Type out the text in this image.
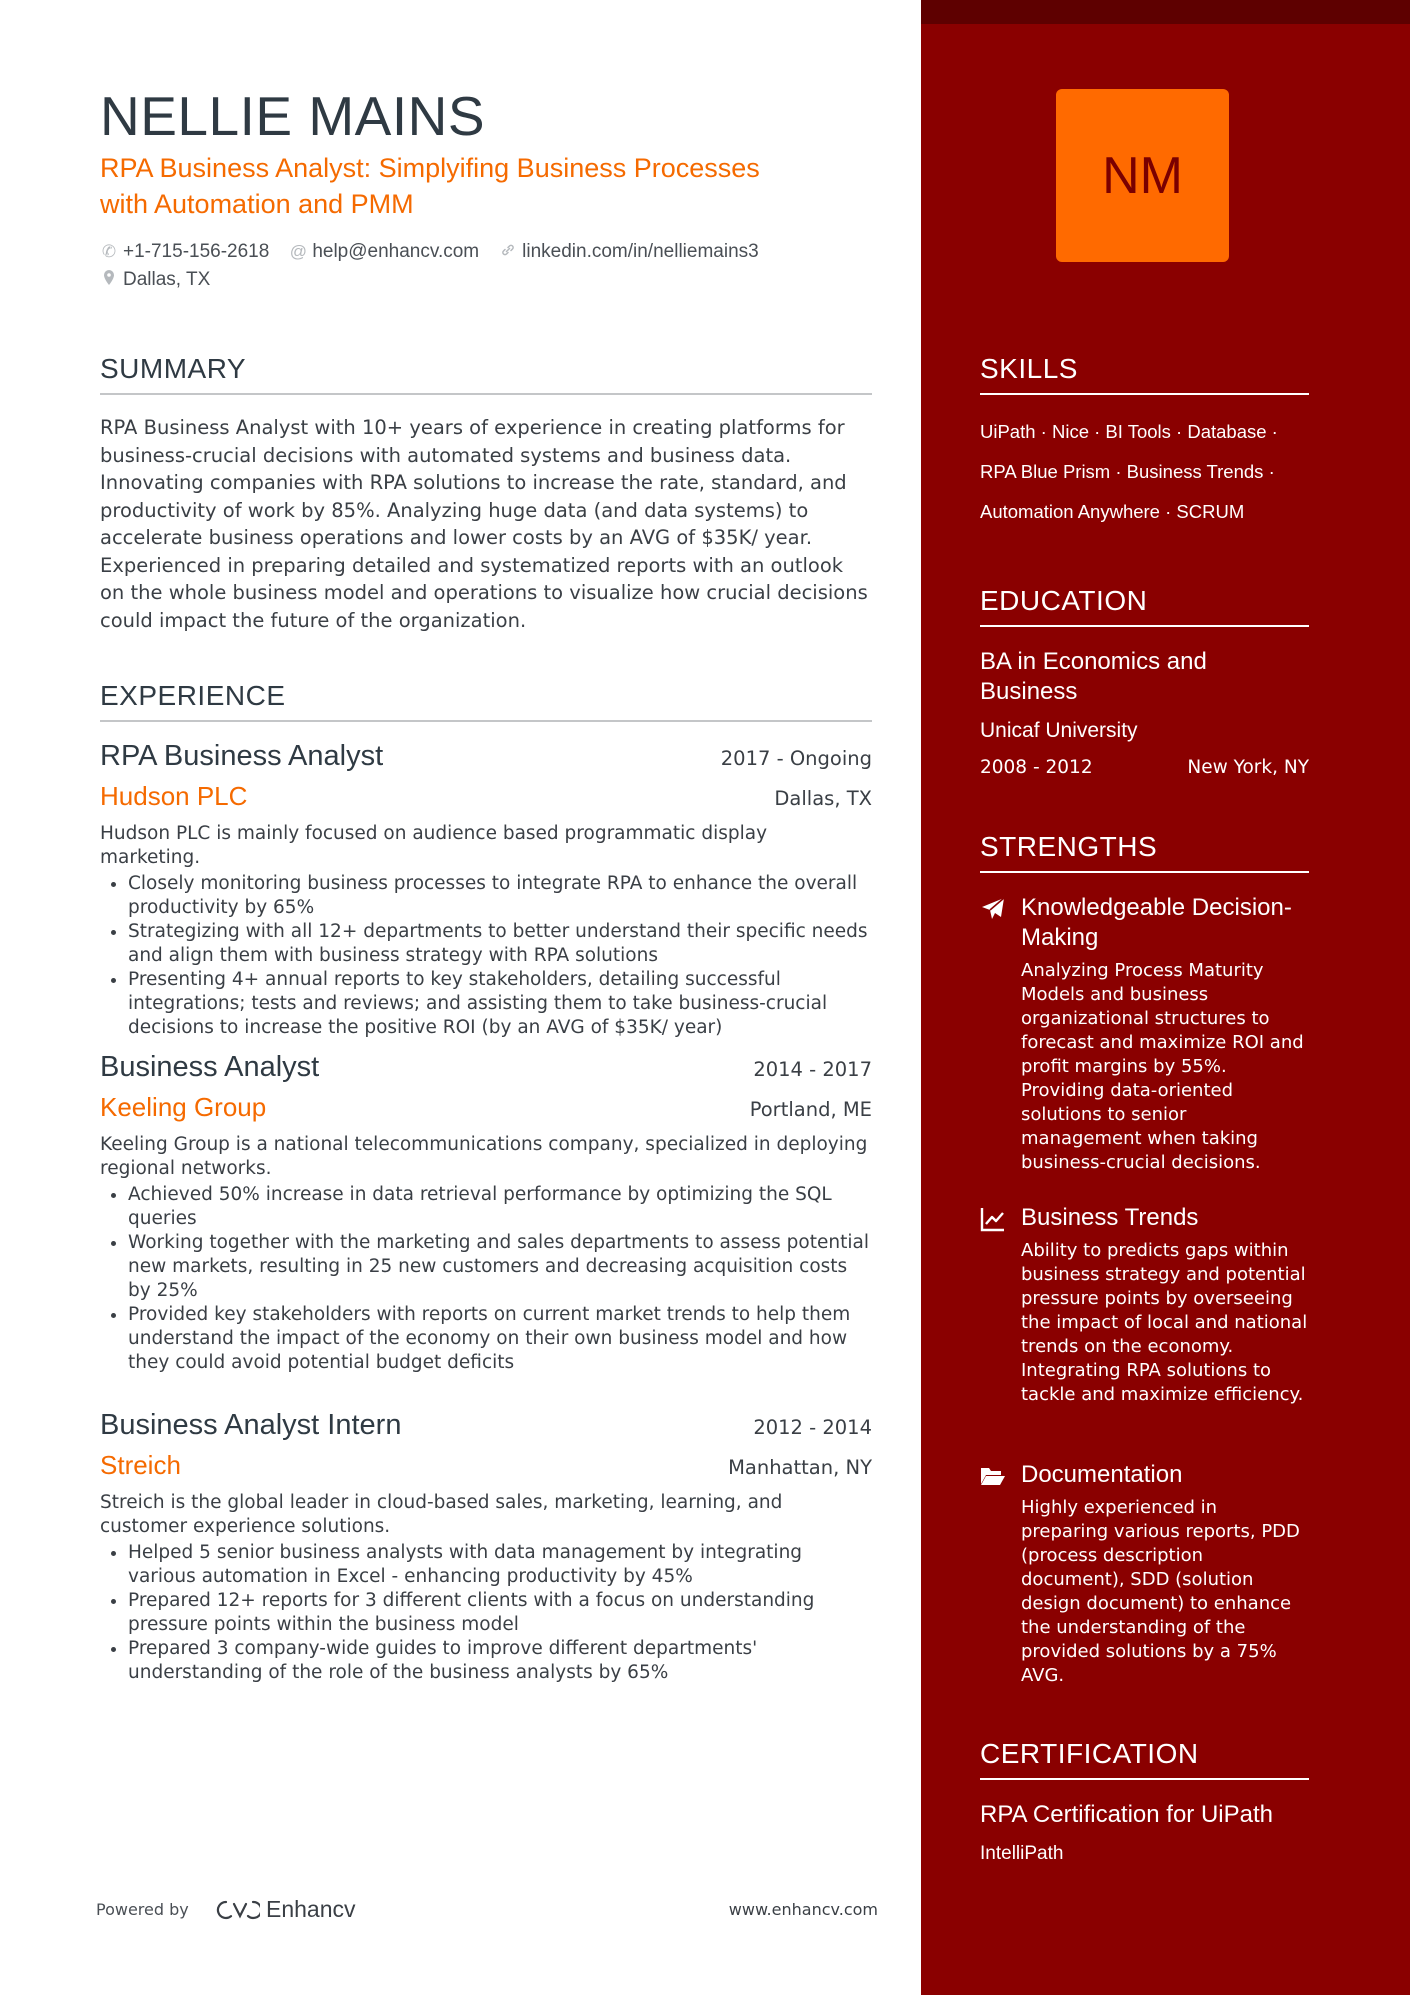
NELLIE MAINS
RPA Business Analyst: Simplyifing Business Processes with Automation and PMM
✆ +1-715-156-2618 @ help@enhancv.com linkedin.com/in/nelliemains3
Dallas, TX
SUMMARY

RPA Business Analyst with 10+ years of experience in creating platforms for business-crucial decisions with automated systems and business data. Innovating companies with RPA solutions to increase the rate, standard, and productivity of work by 85%. Analyzing huge data (and data systems) to accelerate business operations and lower costs by an AVG of $35K/ year. Experienced in preparing detailed and systematized reports with an outlook on the whole business model and operations to visualize how crucial decisions could impact the future of the organization.

EXPERIENCE
RPA Business Analyst	2017 - Ongoing
Hudson PLC	Dallas, TX

Hudson PLC is mainly focused on audience based programmatic display marketing.

• Closely monitoring business processes to integrate RPA to enhance the overall productivity by 65%
• Strategizing with all 12+ departments to better understand their specific needs and align them with business strategy with RPA solutions
• Presenting 4+ annual reports to key stakeholders, detailing successful integrations; tests and reviews; and assisting them to take business-crucial decisions to increase the positive ROI (by an AVG of $35K/ year)
Business Analyst	2014 - 2017
Keeling Group	Portland, ME

Keeling Group is a national telecommunications company, specialized in deploying regional networks.

• Achieved 50% increase in data retrieval performance by optimizing the SQL queries
• Working together with the marketing and sales departments to assess potential new markets, resulting in 25 new customers and decreasing acquisition costs by 25%
• Provided key stakeholders with reports on current market trends to help them understand the impact of the economy on their own business model and how they could avoid potential budget deficits
Business Analyst Intern	2012 - 2014
Streich	Manhattan, NY

Streich is the global leader in cloud-based sales, marketing, learning, and customer experience solutions.

• Helped 5 senior business analysts with data management by integrating various automation in Excel - enhancing productivity by 45%
• Prepared 12+ reports for 3 different clients with a focus on understanding pressure points within the business model
• Prepared 3 company-wide guides to improve different departments' understanding of the role of the business analysts by 65%
Powered by	Enhancv	www.enhancv.com
NM
SKILLS
UiPath · Nice · BI Tools · Database ·
RPA Blue Prism · Business Trends ·
Automation Anywhere · SCRUM
EDUCATION
BA in Economics and Business
Unicaf University
2008 - 2012	New York, NY
STRENGTHS
Knowledgeable Decision-Making
Analyzing Process Maturity Models and business organizational structures to forecast and maximize ROI and profit margins by 55%. Providing data-oriented solutions to senior management when taking business-crucial decisions.
Business Trends
Ability to predicts gaps within business strategy and potential pressure points by overseeing the impact of local and national trends on the economy. Integrating RPA solutions to tackle and maximize efficiency.
Documentation
Highly experienced in preparing various reports, PDD (process description document), SDD (solution design document) to enhance the understanding of the provided solutions by a 75% AVG.
CERTIFICATION
RPA Certification for UiPath
IntelliPath
